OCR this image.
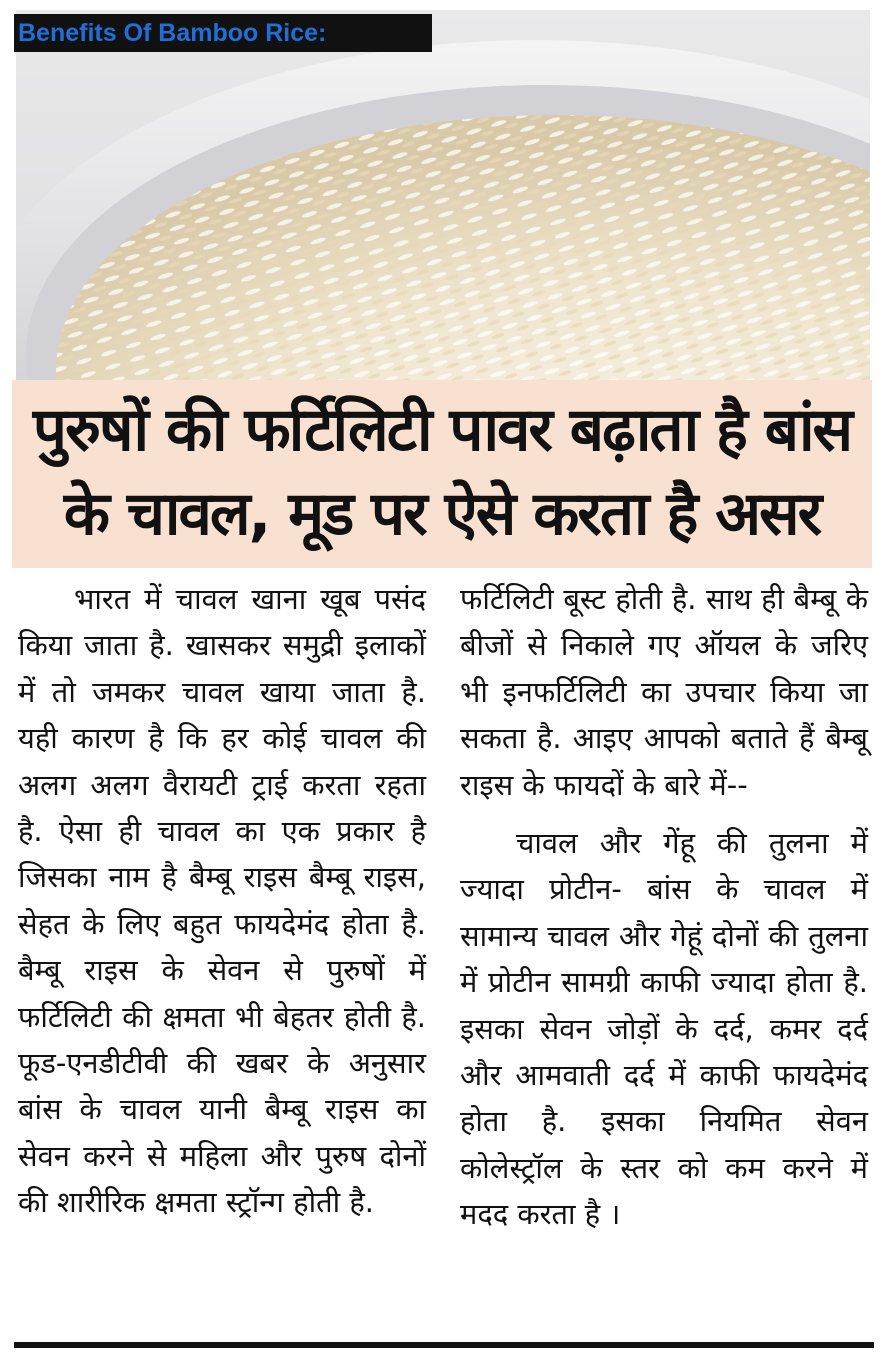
Benefits Of Bamboo Rice:
पुरुषों की फर्टिलिटी पावर बढ़ाता है बांस के चावल, मूड पर ऐसे करता है असर

भारत में चावल खाना खूब पसंद किया जाता है. खासकर समुद्री इलाकों में तो जमकर चावल खाया जाता है. यही कारण है कि हर कोई चावल की अलग अलग वैरायटी ट्राई करता रहता है. ऐसा ही चावल का एक प्रकार है जिसका नाम है बैम्बू राइस बैम्बू राइस, सेहत के लिए बहुत फायदेमंद होता है. बैम्बू राइस के सेवन से पुरुषों में फर्टिलिटी की क्षमता भी बेहतर होती है. फूड-एनडीटीवी की खबर के अनुसार बांस के चावल यानी बैम्बू राइस का सेवन करने से महिला और पुरुष दोनों की शारीरिक क्षमता स्ट्रॉन्ग होती है.

फर्टिलिटी बूस्ट होती है. साथ ही बैम्बू के बीजों से निकाले गए ऑयल के जरिए भी इनफर्टिलिटी का उपचार किया जा सकता है. आइए आपको बताते हैं बैम्बू राइस के फायदों के बारे में--

चावल और गेंहू की तुलना में ज्यादा प्रोटीन- बांस के चावल में सामान्य चावल और गेहूं दोनों की तुलना में प्रोटीन सामग्री काफी ज्यादा होता है. इसका सेवन जोड़ों के दर्द, कमर दर्द और आमवाती दर्द में काफी फायदेमंद होता है. इसका नियमित सेवन कोलेस्ट्रॉल के स्तर को कम करने में मदद करता है ।
